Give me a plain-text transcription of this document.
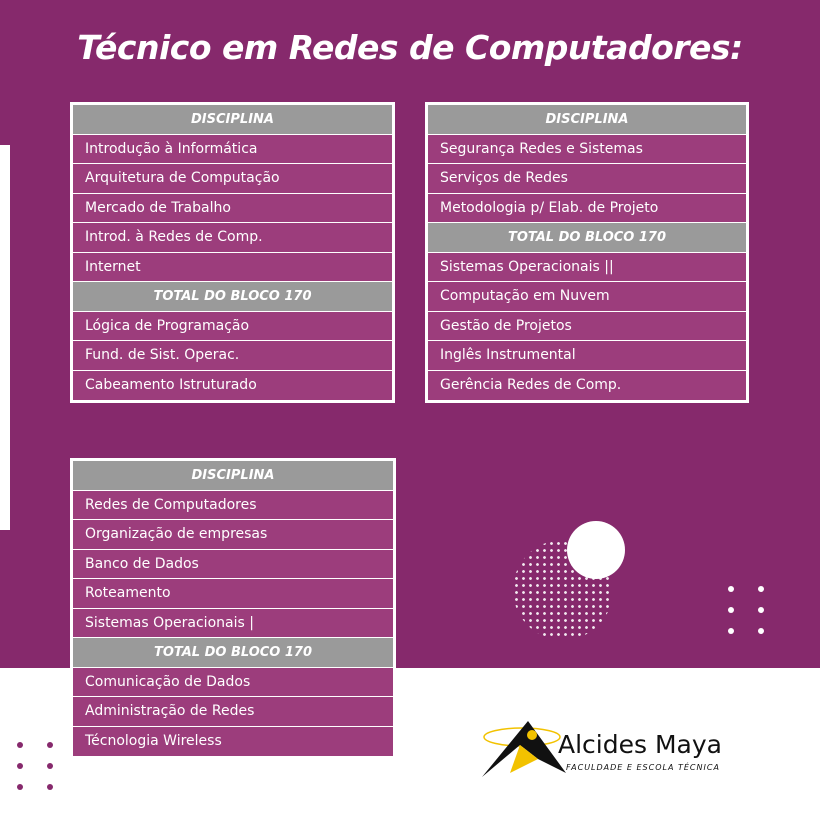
Técnico em Redes de Computadores:
DISCIPLINA
Introdução à Informática
Arquitetura de Computação
Mercado de Trabalho
Introd. à Redes de Comp.
Internet
TOTAL DO BLOCO 170
Lógica de Programação
Fund. de Sist. Operac.
Cabeamento Istruturado
DISCIPLINA
Segurança Redes e Sistemas
Serviços de Redes
Metodologia p/ Elab. de Projeto
TOTAL DO BLOCO 170
Sistemas Operacionais ||
Computação em Nuvem
Gestão de Projetos
Inglês Instrumental
Gerência Redes de Comp.
DISCIPLINA
Redes de Computadores
Organização de empresas
Banco de Dados
Roteamento
Sistemas Operacionais |
TOTAL DO BLOCO 170
Comunicação de Dados
Administração de Redes
Técnologia Wireless	Alcides Maya
FACULDADE E ESCOLA TÉCNICA
